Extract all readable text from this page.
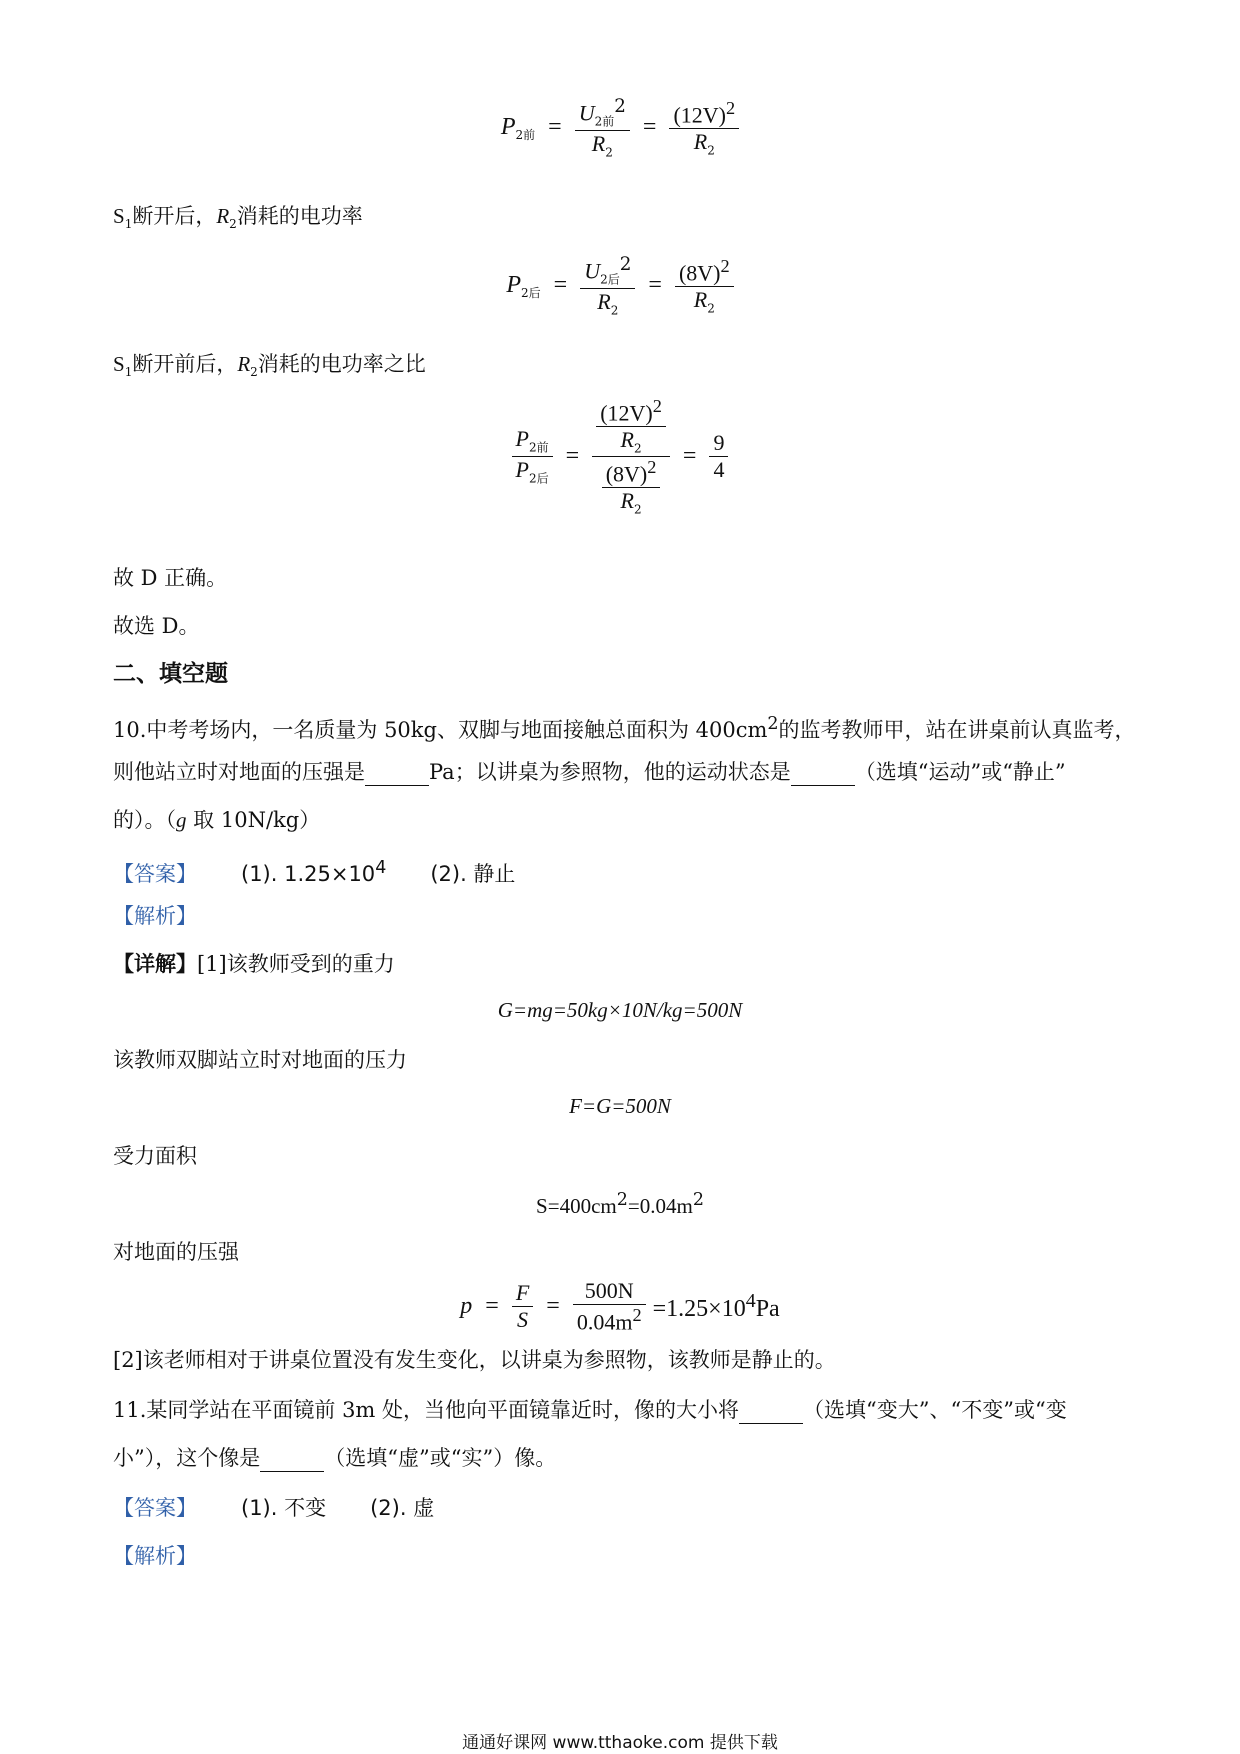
$P_{2前} = \frac{U_{2前}^2}{R_2} = \frac{(12V)^2}{R_2}$
$S_1$断开后，$R_2$消耗的电功率
$P_{2后} = \frac{U_{2后}^2}{R_2} = \frac{(8V)^2}{R_2}$
$S_1$断开前后，$R_2$消耗的电功率之比
$\frac{P_{2前}}{P_{2后}} = \frac{\frac{(12V)^2}{R_2}}{\frac{(8V)^2}{R_2}} = \frac{9}{4}$
故 D 正确。
故选 D。
二、填空题
10.中考考场内，一名质量为 50kg、双脚与地面接触总面积为 $400cm^2$的监考教师甲，站在讲桌前认真监考，
则他站立时对地面的压强是	Pa；以讲桌为参照物，他的运动状态是	（选填“运动”或“静止”
的）。（g 取 10N/kg）
【答案】 (1). $1.25\times 10^4$ (2). 静止
【解析】
【详解】[1]该教师受到的重力
G=mg=50kg×10N/kg=500N
该教师双脚站立时对地面的压力
F=G=500N
受力面积
$S=400cm^2=0.04m^2$
对地面的压强
$p = \frac{F}{S} = \frac{500N}{0.04m^2} =1.25\times 10^4Pa$
[2]该老师相对于讲桌位置没有发生变化，以讲桌为参照物，该教师是静止的。
11.某同学站在平面镜前 3m 处，当他向平面镜靠近时，像的大小将	（选填“变大”、“不变”或“变
小”），这个像是	（选填“虚”或“实”）像。
【答案】 (1). 不变 (2). 虚
【解析】
通通好课网 www.tthaoke.com 提供下载
